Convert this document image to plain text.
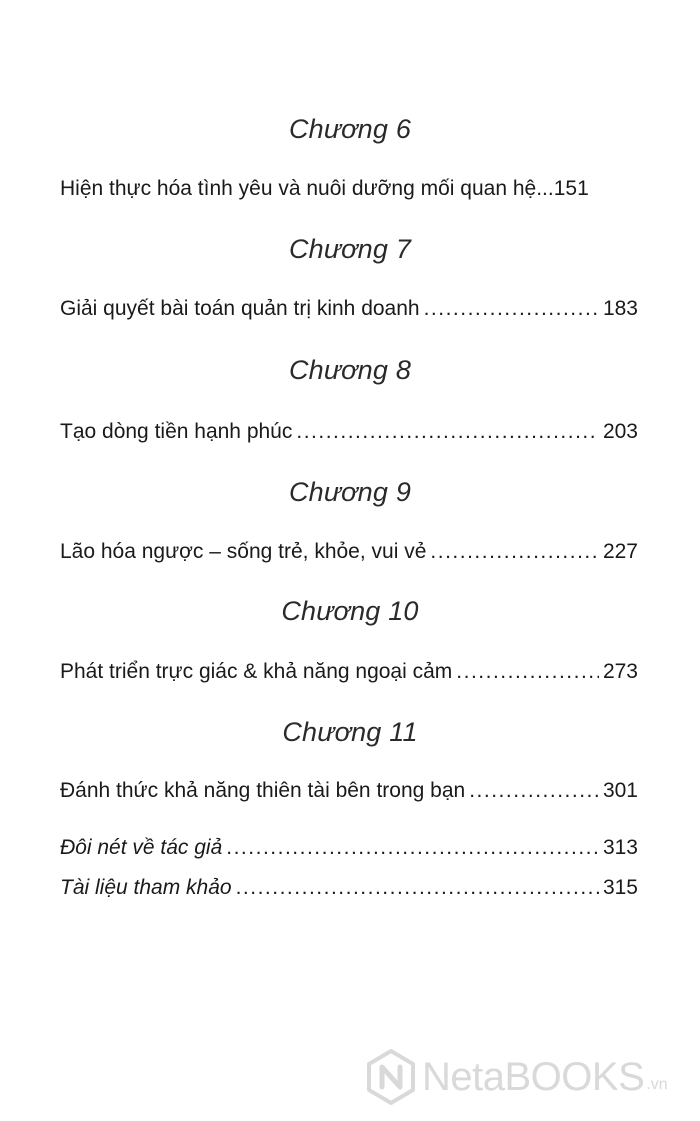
Chương 6
Hiện thực hóa tình yêu và nuôi dưỡng mối quan hệ ...151
Chương 7
Giải quyết bài toán quản trị kinh doanh .....	183
Chương 8
Tạo dòng tiền hạnh phúc .....	203
Chương 9
Lão hóa ngược – sống trẻ, khỏe, vui vẻ .....	227
Chương 10
Phát triển trực giác & khả năng ngoại cảm .....	273
Chương 11
Đánh thức khả năng thiên tài bên trong bạn .....	301
Đôi nét về tác giả .....	313
Tài liệu tham khảo .....	315
NetaBOOKS .vn
